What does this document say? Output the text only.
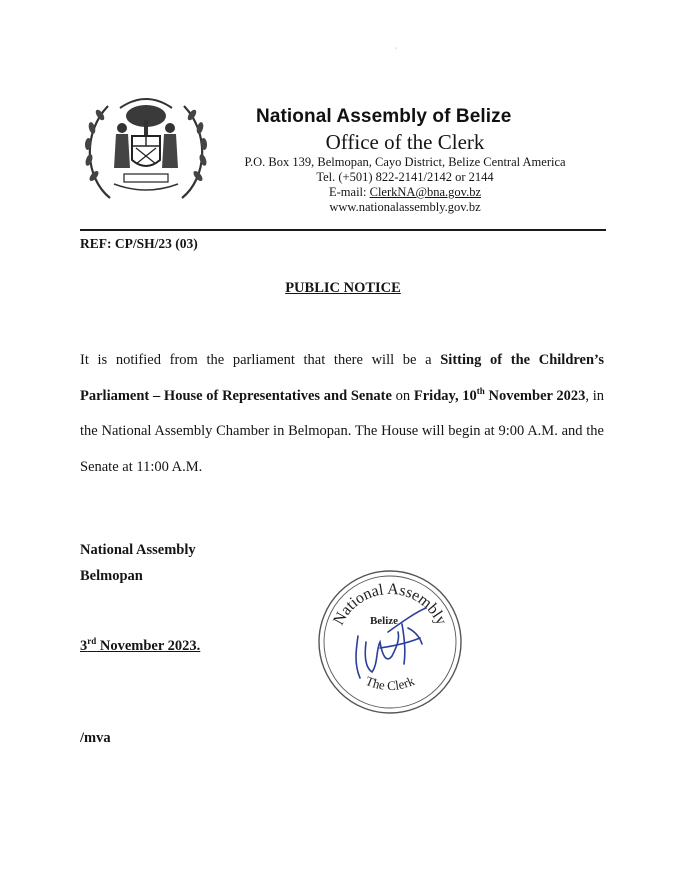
◦
National Assembly of Belize
Office of the Clerk
P.O. Box 139, Belmopan, Cayo District, Belize Central America
Tel. (+501) 822-2141/2142 or 2144
E-mail: ClerkNA@bna.gov.bz
www.nationalassembly.gov.bz
REF: CP/SH/23 (03)
PUBLIC NOTICE

It is notified from the parliament that there will be a Sitting of the Children’s Parliament – House of Representatives and Senate on Friday, 10th November 2023, in the National Assembly Chamber in Belmopan. The House will begin at 9:00 A.M. and the Senate at 11:00 A.M.

National Assembly
Belmopan
3rd November 2023.
/mva
National Assembly
Belize
The Clerk
